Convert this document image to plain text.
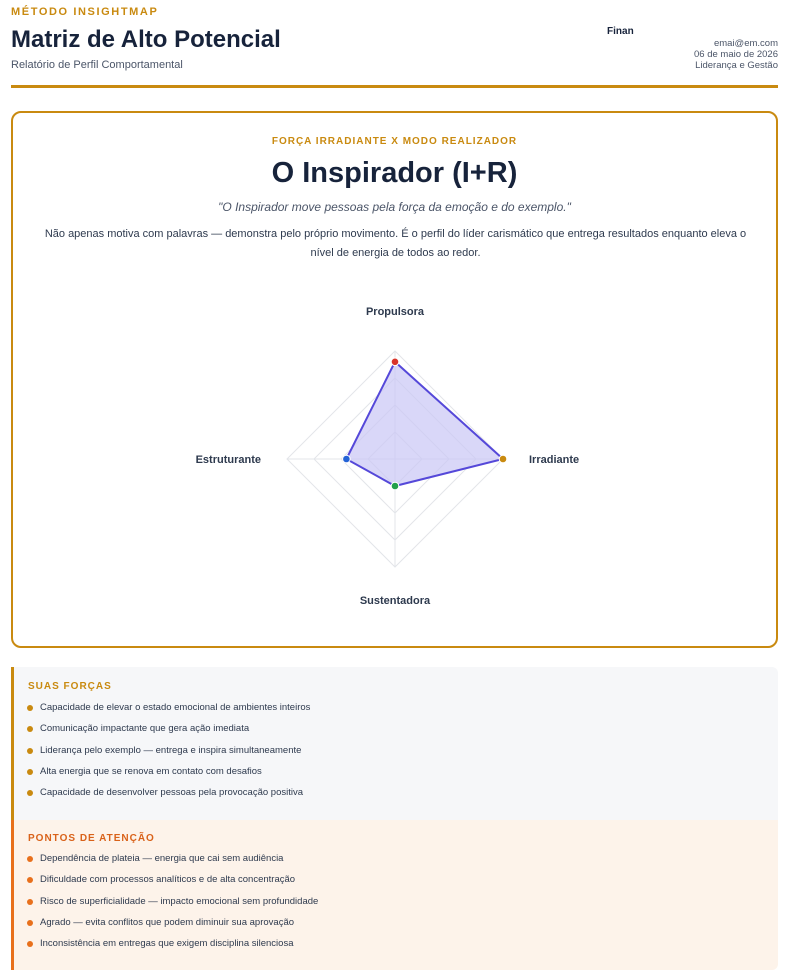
MÉTODO INSIGHTMAP
Matriz de Alto Potencial
Relatório de Perfil Comportamental
Finan
emai@em.com
06 de maio de 2026
Liderança e Gestão
FORÇA IRRADIANTE X MODO REALIZADOR
O Inspirador (I+R)
"O Inspirador move pessoas pela força da emoção e do exemplo."
Não apenas motiva com palavras — demonstra pelo próprio movimento. É o perfil do líder carismático que entrega resultados enquanto eleva o nível de energia de todos ao redor.
Propulsora
Irradiante
Sustentadora
Estruturante
SUAS FORÇAS
Capacidade de elevar o estado emocional de ambientes inteiros
Comunicação impactante que gera ação imediata
Liderança pelo exemplo — entrega e inspira simultaneamente
Alta energia que se renova em contato com desafios
Capacidade de desenvolver pessoas pela provocação positiva
PONTOS DE ATENÇÃO
Dependência de plateia — energia que cai sem audiência
Dificuldade com processos analíticos e de alta concentração
Risco de superficialidade — impacto emocional sem profundidade
Agrado — evita conflitos que podem diminuir sua aprovação
Inconsistência em entregas que exigem disciplina silenciosa
